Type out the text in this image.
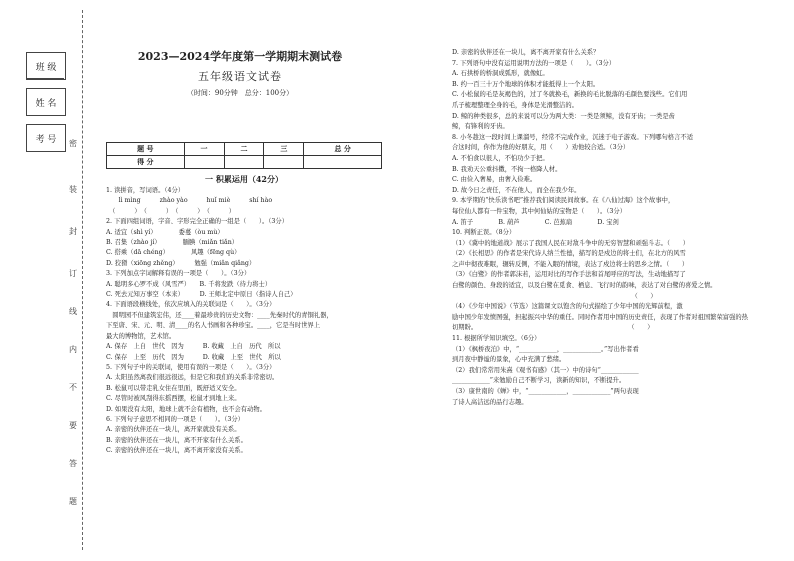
班 级
姓 名
考 号	密
装
封
订
线
内
不
要
答
题
2023—2024学年度第一学期期末测试卷
五年级语文试卷
（时间：90分钟　总分：100分）
题 号	一	二	三	总 分
得 分				
一 积累运用（42分）
1. 读拼音，写词语。（4分）
　　lì mìng　　　zhào yào　　　huǐ miè　　　shí hào
　（　　　）　（　　　）　（　　　）　（　　　）
2. 下面四组词语，字音、字形完全正确的一组是（　　）。（3分）
A. 适宜（shì yí）　　　　委蔓（òu mù）
B. 召集（zhào jí）　　　　腼腆（miǎn tiǎn）
C. 搭乘（dā chéng）　　　　风趣（fēng qù）
D. 狡猾（xiōng zhěng）　　　勉强（miǎn qiǎng）
3. 下列加点字词解释有误的一项是（　　）。（3分）
A. 聪明多心罗不成（风雪严）　　B. 千将发跌（待力将士）
C. 死去元知万事空（本来）　　　D. 王师北定中原日（指诗人自己）
4. 下面语段横线处，依次应填入的关联词是（　　）。（3分）
　圆明园不但建筑宏伟，还____着最珍贵的历史文物：____先秦时代的青铜礼器，
下至唐、宋、元、明、清____的名人书画和各种珍宝。____，它是当时世界上
最大的博物馆，艺术馆。
A. 保存　上自　世代　因为　　　B. 收藏　上自　历代　所以
C. 保存　上至　历代　因为　　　D. 收藏　上至　世代　所以
5. 下列句子中的关联词，使用有误的一项是（　　）。（3分）
A. 太阳虽然离我们很远很远，但是它和我们的关系非常密切。
B. 松鼠可以带走乳女住在里面，既舒适又安全。
C. 尽管时被风刮得东摇西摆，松鼠才到地上来。
D. 如果没有太阳，地球上就不会有植物，也不会有动物。
6. 下列句子意思不相同的一项是（　　）。（3分）
A. 亲密的伙伴还在一块儿，离开家就没有关系。
B. 亲密的伙伴还在一块儿，离不开家有什么关系。
C. 亲密的伙伴还在一块儿，离不离开家没有关系。
D. 亲密的伙伴还在一块儿，离不离开家有什么关系？
7. 下列语句中没有运用说明方法的一项是（　　）。（3分）
A. 石拱桥的桥洞成弧形，就像虹。
B. 约一百三十万个地球的体积才能抵得上一个太阳。
C. 小松鼠的毛是灰褐色的，过了冬就换毛，新换的毛比脱落的毛颜色要浅些。它们用
爪子梳理整理全身的毛，身体是光滑整洁的。
D. 鲸的种类很多，总的来说可以分为两大类：一类是须鲸，没有牙齿；一类是齿
鲸，有锋利的牙齿。
8. 小冬趁这一段时间上课溜号，经常不完成作业，沉迷于电子游戏。下列哪句格言不适
合这时间，你作为他的好朋友，用（　　）劝他较合适。（3分）
A. 不怕食以很人，不怕功少于把。
B. 我劝天公重抖擞，不拘一格降人材。
C. 由俭入奢易，由奢入俭难。
D. 故今日之责任，不在他人，而全在我少年。
9. 本学期的“快乐读书吧”推荐我们阅读民间故事。在《八仙过海》这个故事中，
每位仙人都有一件宝物，其中何仙姑的宝物是（　　）。（3分）
A. 笛子　　　　B. 葫芦　　　　C. 芭蕉扇　　　　D. 宝剑
10. 判断正误。（8分）
（1）《冀中的地道战》展示了我国人民在对敌斗争中的无穷智慧和顽强斗志。（　　）
（2）《长相思》的作者是宋代诗人纳兰性德，描写的是戍边的将士们，在北方的风雪
之声中彻夜难眠，辗转反侧，不能入眠的情境，表达了戍边将士的思乡之情。（　　）
（3）《白鹭》的作者郭沫若，运用对比的写作手法和首尾呼应的写法，生动地描写了
白鹭的颜色、身段的适宜，以及白鹭在觅食、栖息、飞行时的韵味，表达了对白鹭的喜爱之情。
　　　　　　　　　　　　　　　　　　　　　　　　　　　　　（　　）
（4）《少年中国说》（节选）这篇课文以饱含的句式描绘了少年中国的光辉前程，激
励中国少年发愤图强，担起振兴中华的重任。同时作者用中国的历史责任，表现了作者对祖国繁荣富强的热
切期盼。　　　　　　　　　　　　　　　　　　　　　　　　　（　　）
11. 根据所学知识填空。（6分）
（1）《枫桥夜泊》中，“____________，____________。”写出作者看
到月夜中静谧的景象，心中充满了愁绪。
（2）我们常常用朱熹《观书有感》（其一）中的诗句“____________
____________”来勉励自己不断学习，读新的知识，不断提升。
（3）康世南的《蝉》中，“____________，____________”两句表现
了诗人高洁远的品行志趣。
